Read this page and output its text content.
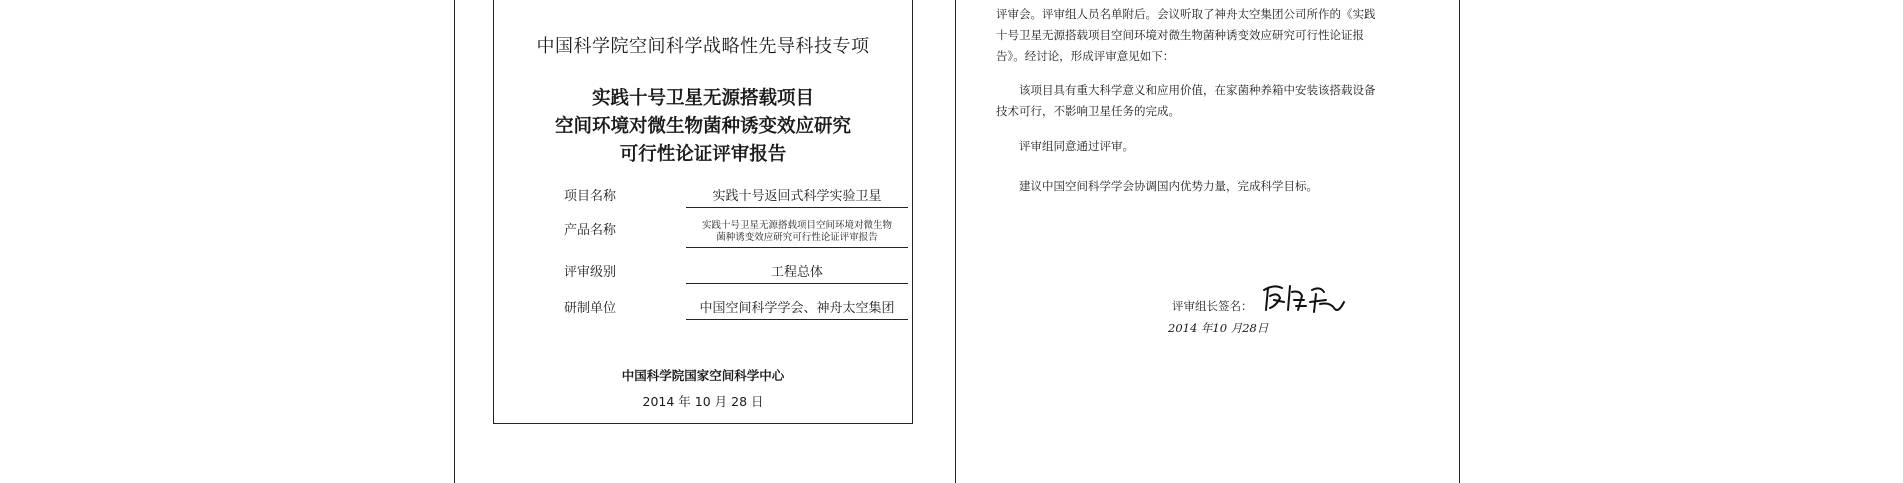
中国科学院空间科学战略性先导科技专项
实践十号卫星无源搭载项目
空间环境对微生物菌种诱变效应研究
可行性论证评审报告
项目名称	实践十号返回式科学实验卫星
产品名称	实践十号卫星无源搭载项目空间环境对微生物
菌种诱变效应研究可行性论证评审报告
评审级别	工程总体
研制单位	中国空间科学学会、神舟太空集团
中国科学院国家空间科学中心
2014 年 10 月 28 日
评审会。评审组人员名单附后。会议听取了神舟太空集团公司所作的《实践
十号卫星无源搭载项目空间环境对微生物菌种诱变效应研究可行性论证报
告》。经讨论，形成评审意见如下：
该项目具有重大科学意义和应用价值，在家菌种养箱中安装该搭载设备
技术可行，不影响卫星任务的完成。
评审组同意通过评审。
建议中国空间科学学会协调国内优势力量，完成科学目标。
评审组长签名：
2014 年10 月28日
